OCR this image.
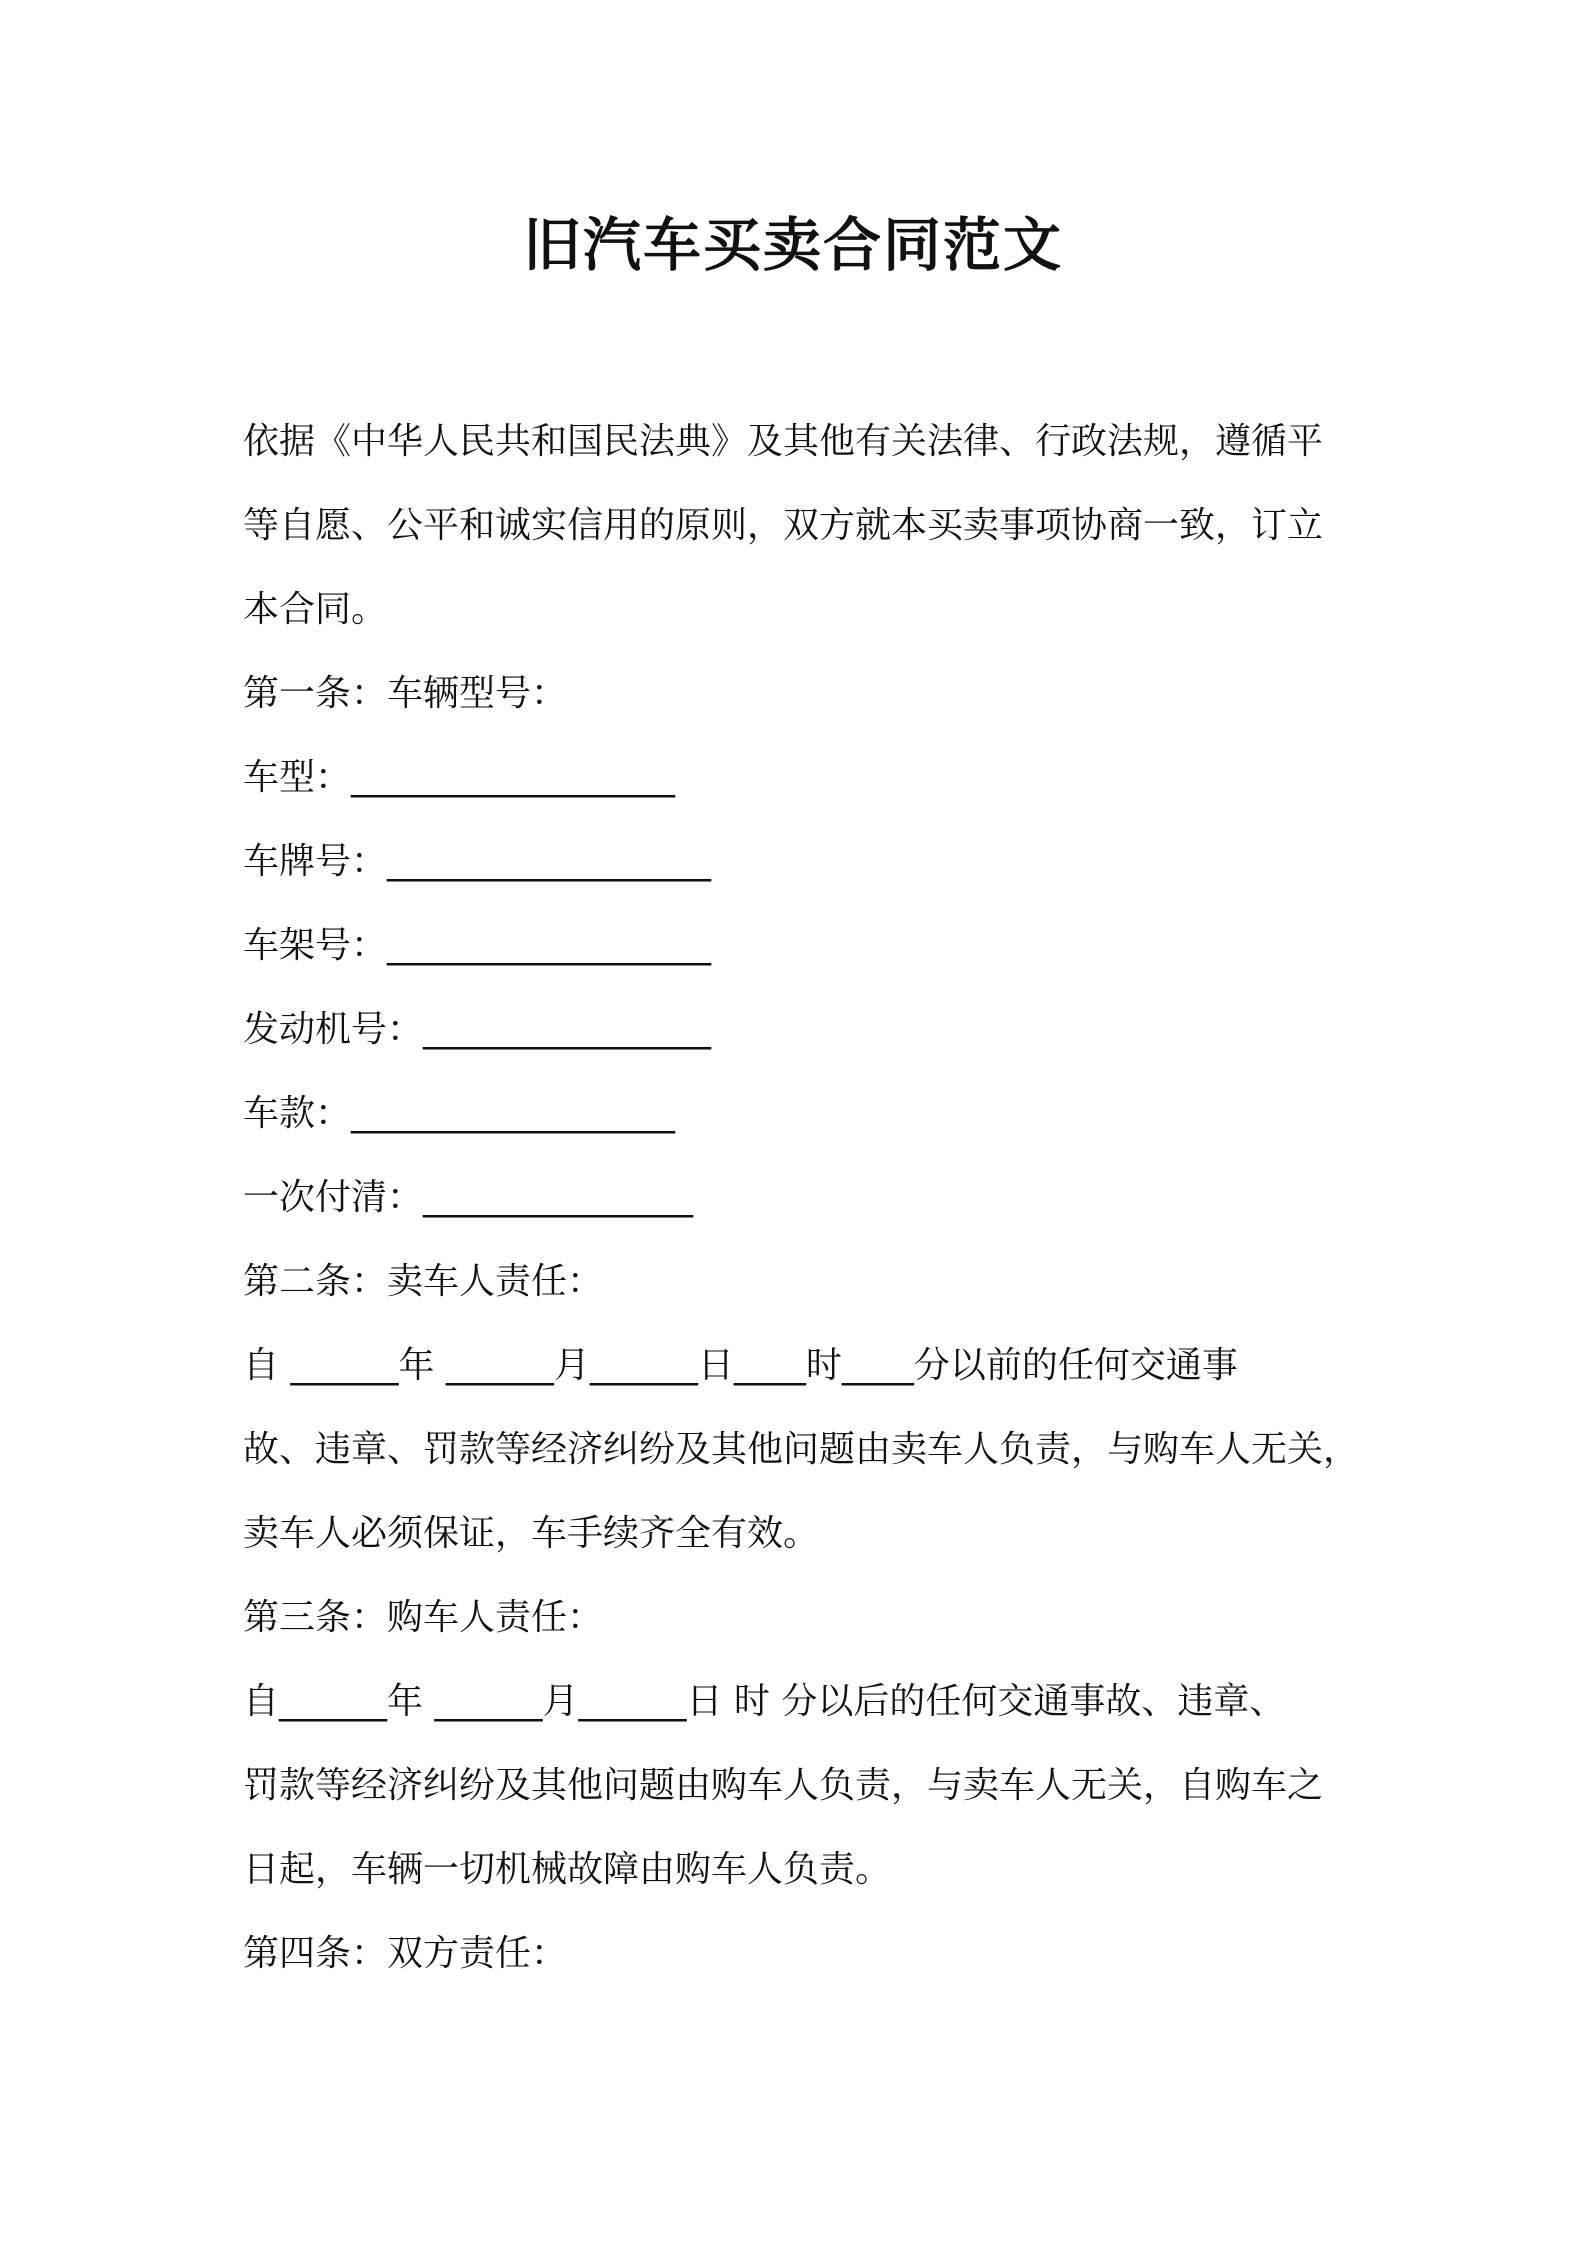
旧汽车买卖合同范文
依据《中华人民共和国民法典》及其他有关法律、行政法规，遵循平
等自愿、公平和诚实信用的原则，双方就本买卖事项协商一致，订立
本合同。
第一条：车辆型号：
车型：__________________
车牌号：__________________
车架号：__________________
发动机号：________________
车款：__________________
一次付清：_______________
第二条：卖车人责任：
自 ______年 ______月______日____时____分以前的任何交通事
故、违章、罚款等经济纠纷及其他问题由卖车人负责，与购车人无关，
卖车人必须保证，车手续齐全有效。
第三条：购车人责任：
自______年 ______月______日 时 分以后的任何交通事故、违章、
罚款等经济纠纷及其他问题由购车人负责，与卖车人无关，自购车之
日起，车辆一切机械故障由购车人负责。
第四条：双方责任：
